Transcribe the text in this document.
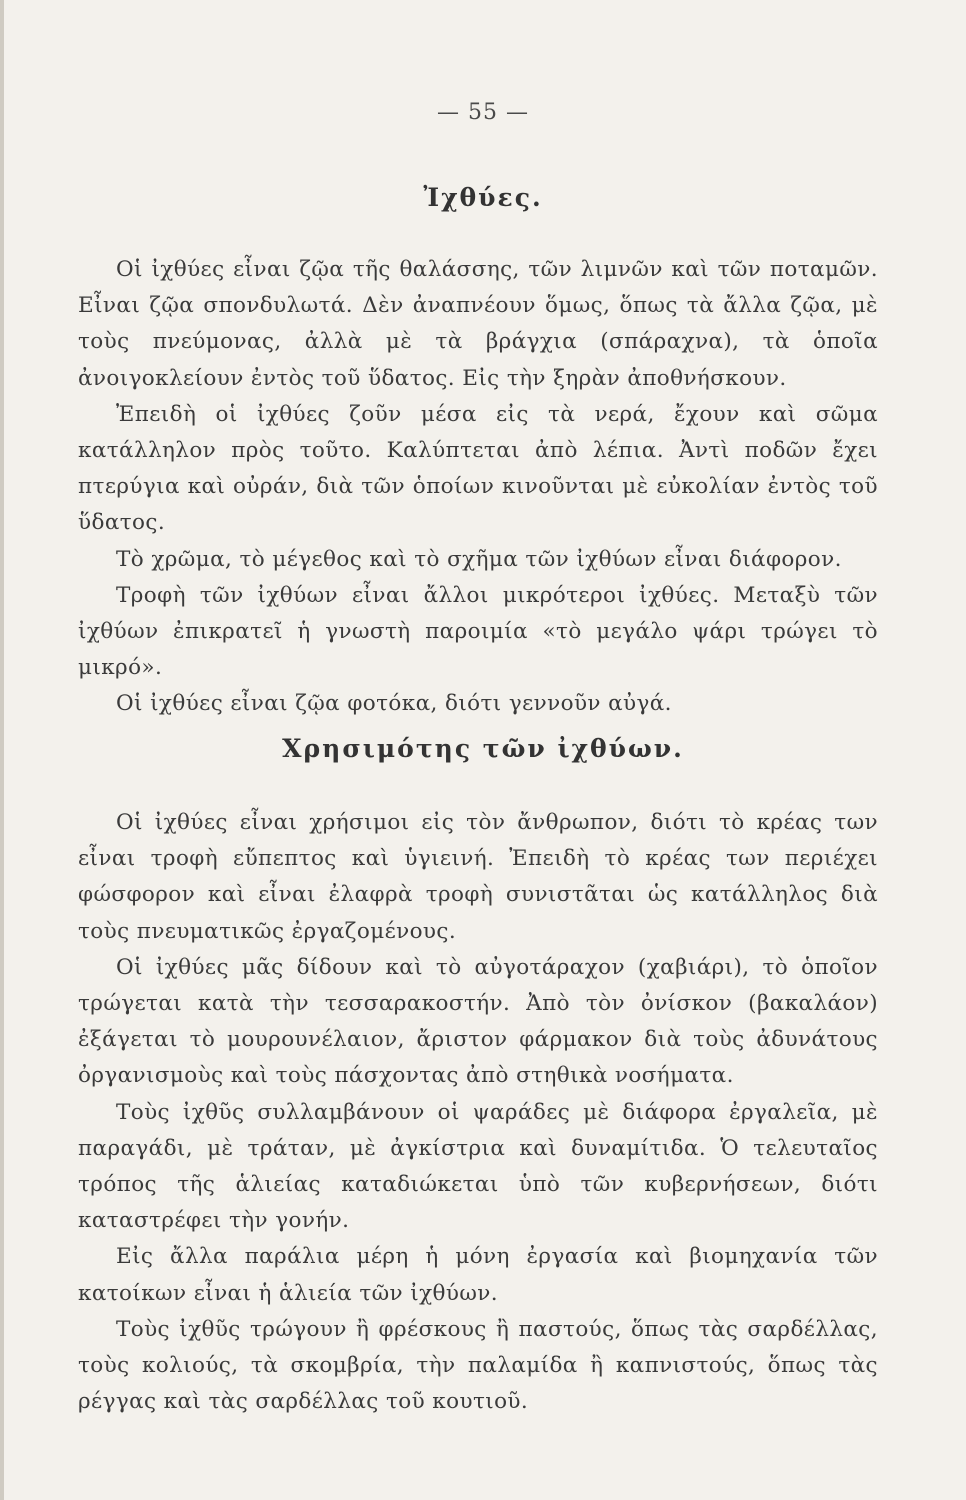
— 55 —
Ἰχθύες.

Οἱ ἰχθύες εἶναι ζῷα τῆς θαλάσσης, τῶν λιμνῶν καὶ τῶν ποταμῶν. Εἶναι ζῷα σπονδυλωτά. Δὲν ἀναπνέουν ὅμως, ὅπως τὰ ἄλλα ζῷα, μὲ τοὺς πνεύμονας, ἀλλὰ μὲ τὰ βράγχια (σπάραχνα), τὰ ὁποῖα ἀνοιγοκλείουν ἐντὸς τοῦ ὕδατος. Εἰς τὴν ξηρὰν ἀποθνήσκουν.

Ἐπειδὴ οἱ ἰχθύες ζοῦν μέσα εἰς τὰ νερά, ἔχουν καὶ σῶμα κατάλληλον πρὸς τοῦτο. Καλύπτεται ἀπὸ λέπια. Ἀντὶ ποδῶν ἔχει πτερύγια καὶ οὐράν, διὰ τῶν ὁποίων κινοῦνται μὲ εὐκολίαν ἐντὸς τοῦ ὕδατος.

Τὸ χρῶμα, τὸ μέγεθος καὶ τὸ σχῆμα τῶν ἰχθύων εἶναι διάφορον.

Τροφὴ τῶν ἰχθύων εἶναι ἄλλοι μικρότεροι ἰχθύες. Μεταξὺ τῶν ἰχθύων ἐπικρατεῖ ἡ γνωστὴ παροιμία «τὸ μεγάλο ψάρι τρώγει τὸ μικρό».

Οἱ ἰχθύες εἶναι ζῷα φοτόκα, διότι γεννοῦν αὐγά.

Χρησιμότης τῶν ἰχθύων.

Οἱ ἰχθύες εἶναι χρήσιμοι εἰς τὸν ἄνθρωπον, διότι τὸ κρέας των εἶναι τροφὴ εὔπεπτος καὶ ὑγιεινή. Ἐπειδὴ τὸ κρέας των περιέχει φώσφορον καὶ εἶναι ἐλαφρὰ τροφὴ συνιστᾶται ὡς κατάλληλος διὰ τοὺς πνευματικῶς ἐργαζομένους.

Οἱ ἰχθύες μᾶς δίδουν καὶ τὸ αὐγοτάραχον (χαβιάρι), τὸ ὁποῖον τρώγεται κατὰ τὴν τεσσαρακοστήν. Ἀπὸ τὸν ὀνίσκον (βακαλάον) ἐξάγεται τὸ μουρουνέλαιον, ἄριστον φάρμακον διὰ τοὺς ἀδυνάτους ὀργανισμοὺς καὶ τοὺς πάσχοντας ἀπὸ στηθικὰ νοσήματα.

Τοὺς ἰχθῦς συλλαμβάνουν οἱ ψαράδες μὲ διάφορα ἐργαλεῖα, μὲ παραγάδι, μὲ τράταν, μὲ ἀγκίστρια καὶ δυναμίτιδα. Ὁ τελευταῖος τρόπος τῆς ἁλιείας καταδιώκεται ὑπὸ τῶν κυβερνήσεων, διότι καταστρέφει τὴν γονήν.

Εἰς ἄλλα παράλια μέρη ἡ μόνη ἐργασία καὶ βιομηχανία τῶν κατοίκων εἶναι ἡ ἁλιεία τῶν ἰχθύων.

Τοὺς ἰχθῦς τρώγουν ἢ φρέσκους ἢ παστούς, ὅπως τὰς σαρδέλλας, τοὺς κολιούς, τὰ σκομβρία, τὴν παλαμίδα ἢ καπνιστούς, ὅπως τὰς ρέγγας καὶ τὰς σαρδέλλας τοῦ κουτιοῦ.
